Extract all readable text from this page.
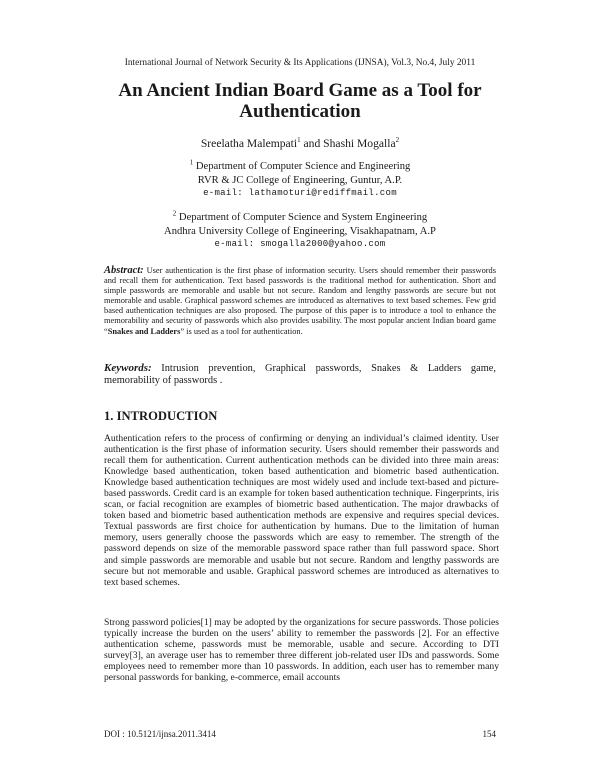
International Journal of Network Security & Its Applications (IJNSA), Vol.3, No.4, July 2011
An Ancient Indian Board Game as a Tool for
Authentication
Sreelatha Malempati$^1$ and Shashi Mogalla$^2$
$^1$ Department of Computer Science and Engineering
RVR & JC College of Engineering, Guntur, A.P.
e-mail: lathamoturi@rediffmail.com
$^2$ Department of Computer Science and System Engineering
Andhra University College of Engineering, Visakhapatnam, A.P
e-mail: smogalla2000@yahoo.com
Abstract: User authentication is the first phase of information security. Users should remember their passwords and recall them for authentication. Text based passwords is the traditional method for authentication. Short and simple passwords are memorable and usable but not secure. Random and lengthy passwords are secure but not memorable and usable. Graphical password schemes are introduced as alternatives to text based schemes. Few grid based authentication techniques are also proposed. The purpose of this paper is to introduce a tool to enhance the memorability and security of passwords which also provides usability. The most popular ancient Indian board game “Snakes and Ladders” is used as a tool for authentication.
Keywords: Intrusion prevention, Graphical passwords, Snakes & Ladders game, memorability of passwords .
1. INTRODUCTION
Authentication refers to the process of confirming or denying an individual’s claimed identity. User authentication is the first phase of information security. Users should remember their passwords and recall them for authentication. Current authentication methods can be divided into three main areas: Knowledge based authentication, token based authentication and biometric based authentication. Knowledge based authentication techniques are most widely used and include text-based and picture-based passwords. Credit card is an example for token based authentication technique. Fingerprints, iris scan, or facial recognition are examples of biometric based authentication. The major drawbacks of token based and biometric based authentication methods are expensive and requires special devices. Textual passwords are first choice for authentication by humans. Due to the limitation of human memory, users generally choose the passwords which are easy to remember. The strength of the password depends on size of the memorable password space rather than full password space. Short and simple passwords are memorable and usable but not secure. Random and lengthy passwords are secure but not memorable and usable. Graphical password schemes are introduced as alternatives to text based schemes.
Strong password policies[1] may be adopted by the organizations for secure passwords. Those policies typically increase the burden on the users’ ability to remember the passwords [2]. For an effective authentication scheme, passwords must be memorable, usable and secure. According to DTI survey[3], an average user has to remember three different job-related user IDs and passwords. Some employees need to remember more than 10 passwords. In addition, each user has to remember many personal passwords for banking, e-commerce, email accounts
DOI : 10.5121/ijnsa.2011.3414	154
